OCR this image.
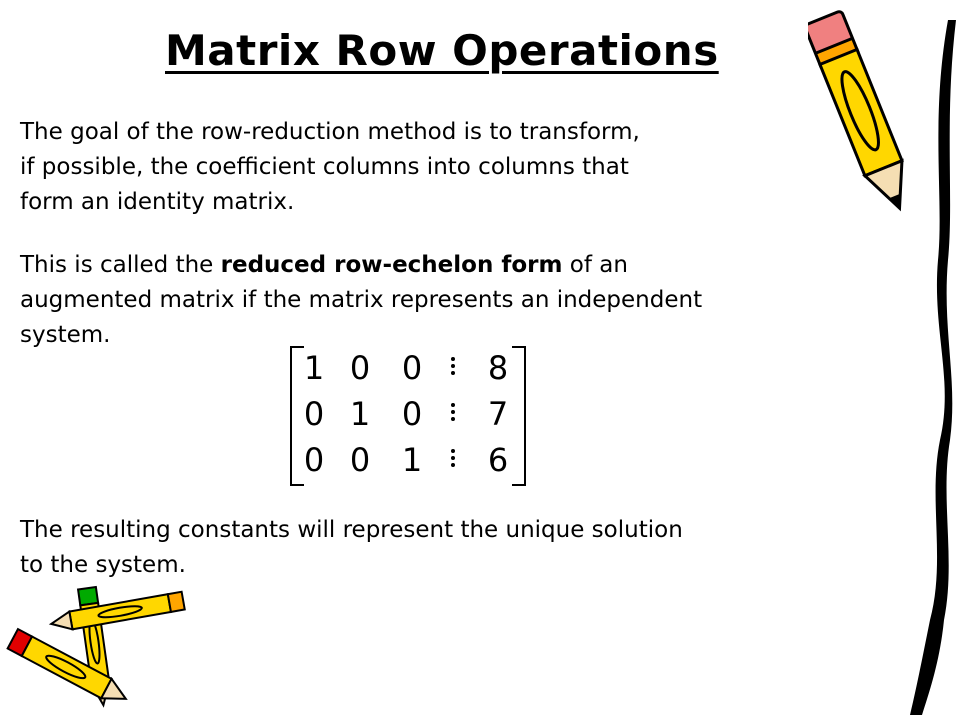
Matrix Row Operations

The goal of the row-reduction method is to transform,
if possible, the coefficient columns into columns that
form an identity matrix.

This is called the reduced row-echelon form of an
augmented matrix if the matrix represents an independent
system.

1 0 0	8
0 1 0	7
0 0 1	6

The resulting constants will represent the unique solution
to the system.
